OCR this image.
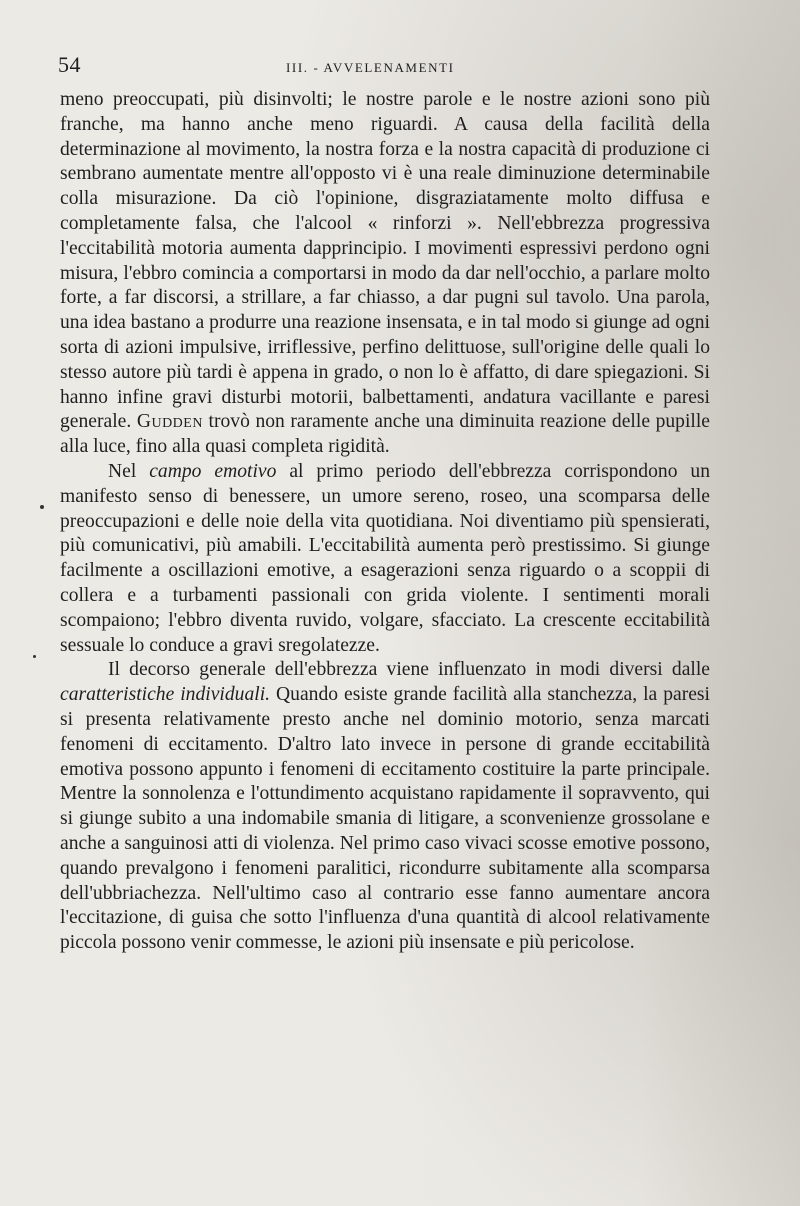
54	III. - AVVELENAMENTI

meno preoccupati, più disinvolti; le nostre parole e le nostre azioni sono più franche, ma hanno anche meno riguardi. A causa della facilità della determinazione al movimento, la nostra forza e la nostra capacità di produzione ci sembrano aumentate mentre all'opposto vi è una reale diminuzione determinabile colla misurazione. Da ciò l'opinione, disgraziatamente molto diffusa e completamente falsa, che l'alcool « rinforzi ». Nell'ebbrezza progressiva l'eccitabilità motoria aumenta dapprincipio. I movimenti espressivi perdono ogni misura, l'ebbro comincia a comportarsi in modo da dar nell'occhio, a parlare molto forte, a far discorsi, a strillare, a far chiasso, a dar pugni sul tavolo. Una parola, una idea bastano a produrre una reazione insensata, e in tal modo si giunge ad ogni sorta di azioni impulsive, irriflessive, perfino delittuose, sull'origine delle quali lo stesso autore più tardi è appena in grado, o non lo è affatto, di dare spiegazioni. Si hanno infine gravi disturbi motorii, balbettamenti, andatura vacillante e paresi generale. Gudden trovò non raramente anche una diminuita reazione delle pupille alla luce, fino alla quasi completa rigidità.

Nel campo emotivo al primo periodo dell'ebbrezza corrispondono un manifesto senso di benessere, un umore sereno, roseo, una scomparsa delle preoccupazioni e delle noie della vita quotidiana. Noi diventiamo più spensierati, più comunicativi, più amabili. L'eccitabilità aumenta però prestissimo. Si giunge facilmente a oscillazioni emotive, a esagerazioni senza riguardo o a scoppii di collera e a turbamenti passionali con grida violente. I sentimenti morali scompaiono; l'ebbro diventa ruvido, volgare, sfacciato. La crescente eccitabilità sessuale lo conduce a gravi sregolatezze.

Il decorso generale dell'ebbrezza viene influenzato in modi diversi dalle caratteristiche individuali. Quando esiste grande facilità alla stanchezza, la paresi si presenta relativamente presto anche nel dominio motorio, senza marcati fenomeni di eccitamento. D'altro lato invece in persone di grande eccitabilità emotiva possono appunto i fenomeni di eccitamento costituire la parte principale. Mentre la sonnolenza e l'ottundimento acquistano rapidamente il sopravvento, qui si giunge subito a una indomabile smania di litigare, a sconvenienze grossolane e anche a sanguinosi atti di violenza. Nel primo caso vivaci scosse emotive possono, quando prevalgono i fenomeni paralitici, ricondurre subitamente alla scomparsa dell'ubbriachezza. Nell'ultimo caso al contrario esse fanno aumentare ancora l'eccitazione, di guisa che sotto l'influenza d'una quantità di alcool relativamente piccola possono venir commesse, le azioni più insensate e più pericolose.
